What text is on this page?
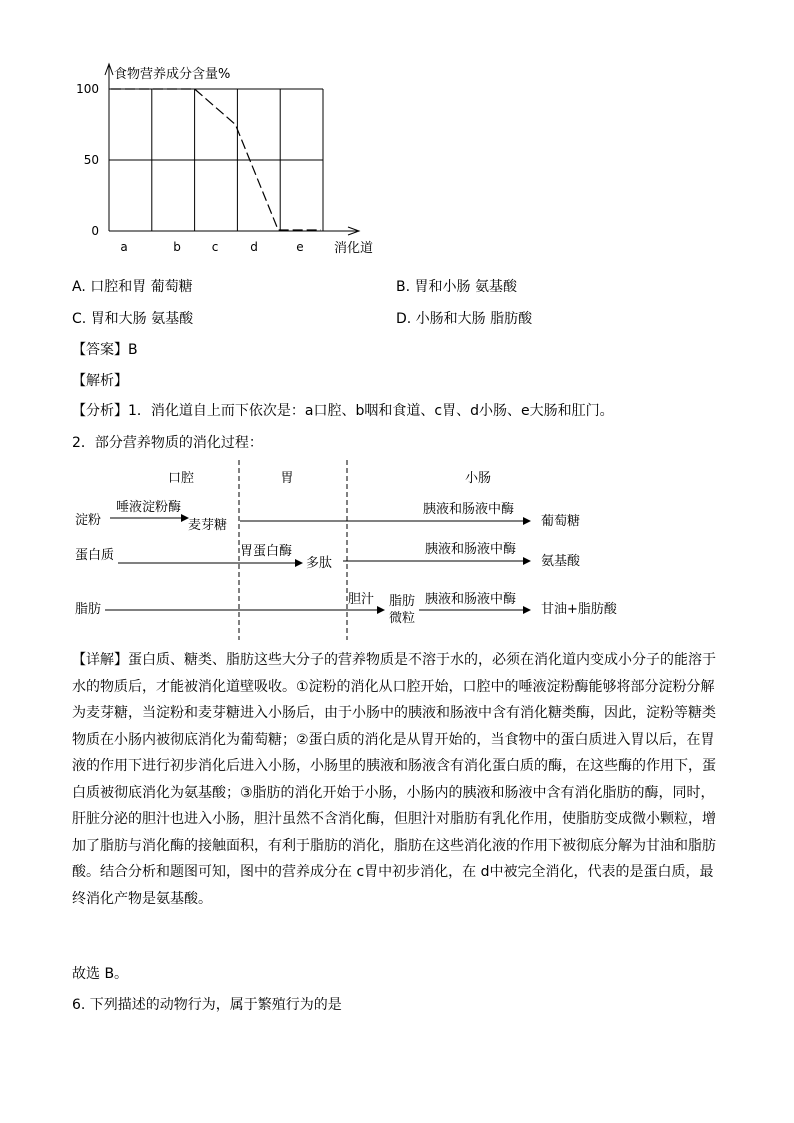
100
50
0
a	b	c	d	e
食物营养成分含量%
消化道
A. 口腔和胃 葡萄糖	B. 胃和小肠 氨基酸
C. 胃和大肠 氨基酸	D. 小肠和大肠 脂肪酸
【答案】B
【解析】
【分析】1．消化道自上而下依次是：a口腔、b咽和食道、c胃、d小肠、e大肠和肛门。
2．部分营养物质的消化过程：
口腔	胃	小肠
淀粉
唾液淀粉酶
麦芽糖
胰液和肠液中酶
葡萄糖
蛋白质	胃蛋白酶
多肽
胰液和肠液中酶
氨基酸
脂肪
胆汁 脂肪
微粒
胰液和肠液中酶
甘油+脂肪酸
【详解】蛋白质、糖类、脂肪这些大分子的营养物质是不溶于水的，必须在消化道内变成小分子的能溶于
水的物质后，才能被消化道壁吸收。①淀粉的消化从口腔开始，口腔中的唾液淀粉酶能够将部分淀粉分解
为麦芽糖，当淀粉和麦芽糖进入小肠后，由于小肠中的胰液和肠液中含有消化糖类酶，因此，淀粉等糖类
物质在小肠内被彻底消化为葡萄糖；②蛋白质的消化是从胃开始的，当食物中的蛋白质进入胃以后，在胃
液的作用下进行初步消化后进入小肠，小肠里的胰液和肠液含有消化蛋白质的酶，在这些酶的作用下，蛋
白质被彻底消化为氨基酸；③脂肪的消化开始于小肠，小肠内的胰液和肠液中含有消化脂肪的酶，同时，
肝脏分泌的胆汁也进入小肠，胆汁虽然不含消化酶，但胆汁对脂肪有乳化作用，使脂肪变成微小颗粒，增
加了脂肪与消化酶的接触面积，有利于脂肪的消化，脂肪在这些消化液的作用下被彻底分解为甘油和脂肪
酸。结合分析和题图可知，图中的营养成分在 c胃中初步消化，在 d中被完全消化，代表的是蛋白质，最
终消化产物是氨基酸。
故选 B。
6. 下列描述的动物行为，属于繁殖行为的是
